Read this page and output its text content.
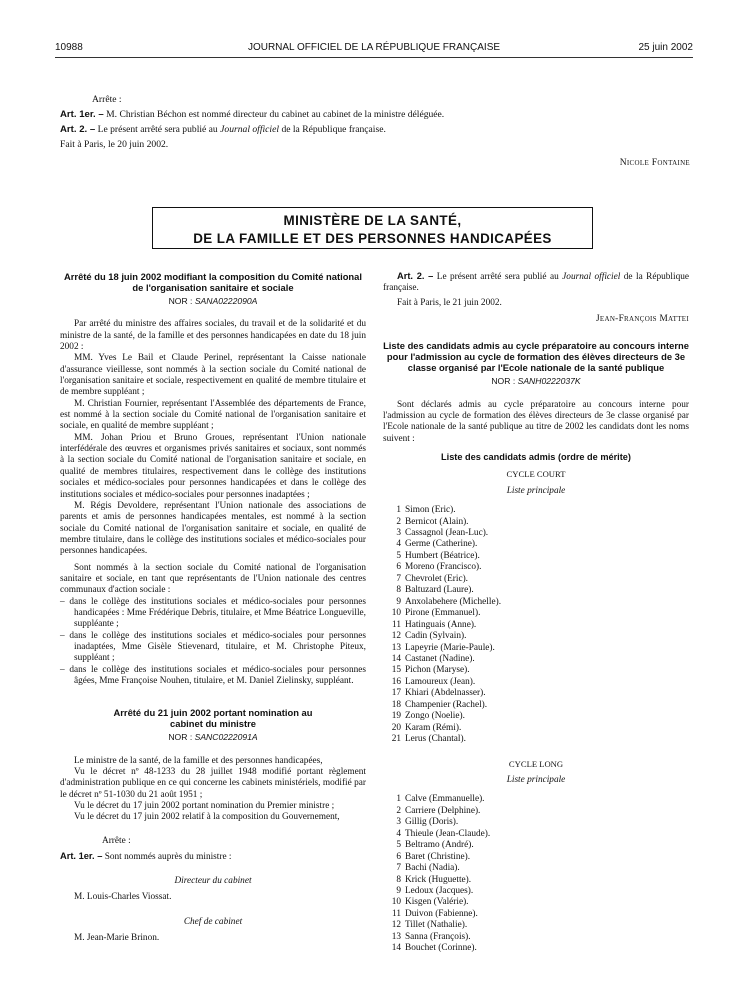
10988	JOURNAL OFFICIEL DE LA RÉPUBLIQUE FRANÇAISE	25 juin 2002

Arrête :

Art. 1er. – M. Christian Béchon est nommé directeur du cabinet au cabinet de la ministre déléguée.

Art. 2. – Le présent arrêté sera publié au Journal officiel de la République française.

Fait à Paris, le 20 juin 2002.

Nicole Fontaine

MINISTÈRE DE LA SANTÉ,
DE LA FAMILLE ET DES PERSONNES HANDICAPÉES

Arrêté du 18 juin 2002 modifiant la composition du Comité national de l'organisation sanitaire et sociale

NOR : SANA0222090A

Par arrêté du ministre des affaires sociales, du travail et de la solidarité et du ministre de la santé, de la famille et des personnes handicapées en date du 18 juin 2002 :

MM. Yves Le Bail et Claude Perinel, représentant la Caisse nationale d'assurance vieillesse, sont nommés à la section sociale du Comité national de l'organisation sanitaire et sociale, respectivement en qualité de membre titulaire et de membre suppléant ;

M. Christian Fournier, représentant l'Assemblée des départements de France, est nommé à la section sociale du Comité national de l'organisation sanitaire et sociale, en qualité de membre suppléant ;

MM. Johan Priou et Bruno Groues, représentant l'Union nationale interfédérale des œuvres et organismes privés sanitaires et sociaux, sont nommés à la section sociale du Comité national de l'organisation sanitaire et sociale, en qualité de membres titulaires, respectivement dans le collège des institutions sociales et médico-sociales pour personnes handicapées et dans le collège des institutions sociales et médico-sociales pour personnes inadaptées ;

M. Régis Devoldere, représentant l'Union nationale des associations de parents et amis de personnes handicapées mentales, est nommé à la section sociale du Comité national de l'organisation sanitaire et sociale, en qualité de membre titulaire, dans le collège des institutions sociales et médico-sociales pour personnes handicapées.

Sont nommés à la section sociale du Comité national de l'organisation sanitaire et sociale, en tant que représentants de l'Union nationale des centres communaux d'action sociale :

– dans le collège des institutions sociales et médico-sociales pour personnes handicapées : Mme Frédérique Debris, titulaire, et Mme Béatrice Longueville, suppléante ;

– dans le collège des institutions sociales et médico-sociales pour personnes inadaptées, Mme Gisèle Stievenard, titulaire, et M. Christophe Piteux, suppléant ;

– dans le collège des institutions sociales et médico-sociales pour personnes âgées, Mme Françoise Nouhen, titulaire, et M. Daniel Zielinsky, suppléant.

Arrêté du 21 juin 2002 portant nomination au cabinet du ministre

NOR : SANC0222091A

Le ministre de la santé, de la famille et des personnes handicapées,

Vu le décret nº 48-1233 du 28 juillet 1948 modifié portant règlement d'administration publique en ce qui concerne les cabinets ministériels, modifié par le décret nº 51-1030 du 21 août 1951 ;

Vu le décret du 17 juin 2002 portant nomination du Premier ministre ;

Vu le décret du 17 juin 2002 relatif à la composition du Gouvernement,

Arrête :

Art. 1er. – Sont nommés auprès du ministre :

Directeur du cabinet

M. Louis-Charles Viossat.

Chef de cabinet

M. Jean-Marie Brinon.

Art. 2. – Le présent arrêté sera publié au Journal officiel de la République française.

Fait à Paris, le 21 juin 2002.

Jean-François Mattei

Liste des candidats admis au cycle préparatoire au concours interne pour l'admission au cycle de formation des élèves directeurs de 3e classe organisé par l'Ecole nationale de la santé publique

NOR : SANH0222037K

Sont déclarés admis au cycle préparatoire au concours interne pour l'admission au cycle de formation des élèves directeurs de 3e classe organisé par l'Ecole nationale de la santé publique au titre de 2002 les candidats dont les noms suivent :

Liste des candidats admis (ordre de mérite)

CYCLE COURT

Liste principale

1 Simon (Eric).
2 Bernicot (Alain).
3 Cassagnol (Jean-Luc).
4 Germe (Catherine).
5 Humbert (Béatrice).
6 Moreno (Francisco).
7 Chevrolet (Eric).
8 Baltuzard (Laure).
9 Anxolabehere (Michelle).
10 Pirone (Emmanuel).
11 Hatinguais (Anne).
12 Cadin (Sylvain).
13 Lapeyrie (Marie-Paule).
14 Castanet (Nadine).
15 Pichon (Maryse).
16 Lamoureux (Jean).
17 Khiari (Abdelnasser).
18 Champenier (Rachel).
19 Zongo (Noelie).
20 Karam (Rémi).
21 Lerus (Chantal).

CYCLE LONG

Liste principale

1 Calve (Emmanuelle).
2 Carriere (Delphine).
3 Gillig (Doris).
4 Thieule (Jean-Claude).
5 Beltramo (André).
6 Baret (Christine).
7 Bachi (Nadia).
8 Krick (Huguette).
9 Ledoux (Jacques).
10 Kisgen (Valérie).
11 Duivon (Fabienne).
12 Tillet (Nathalie).
13 Sanna (François).
14 Bouchet (Corinne).
